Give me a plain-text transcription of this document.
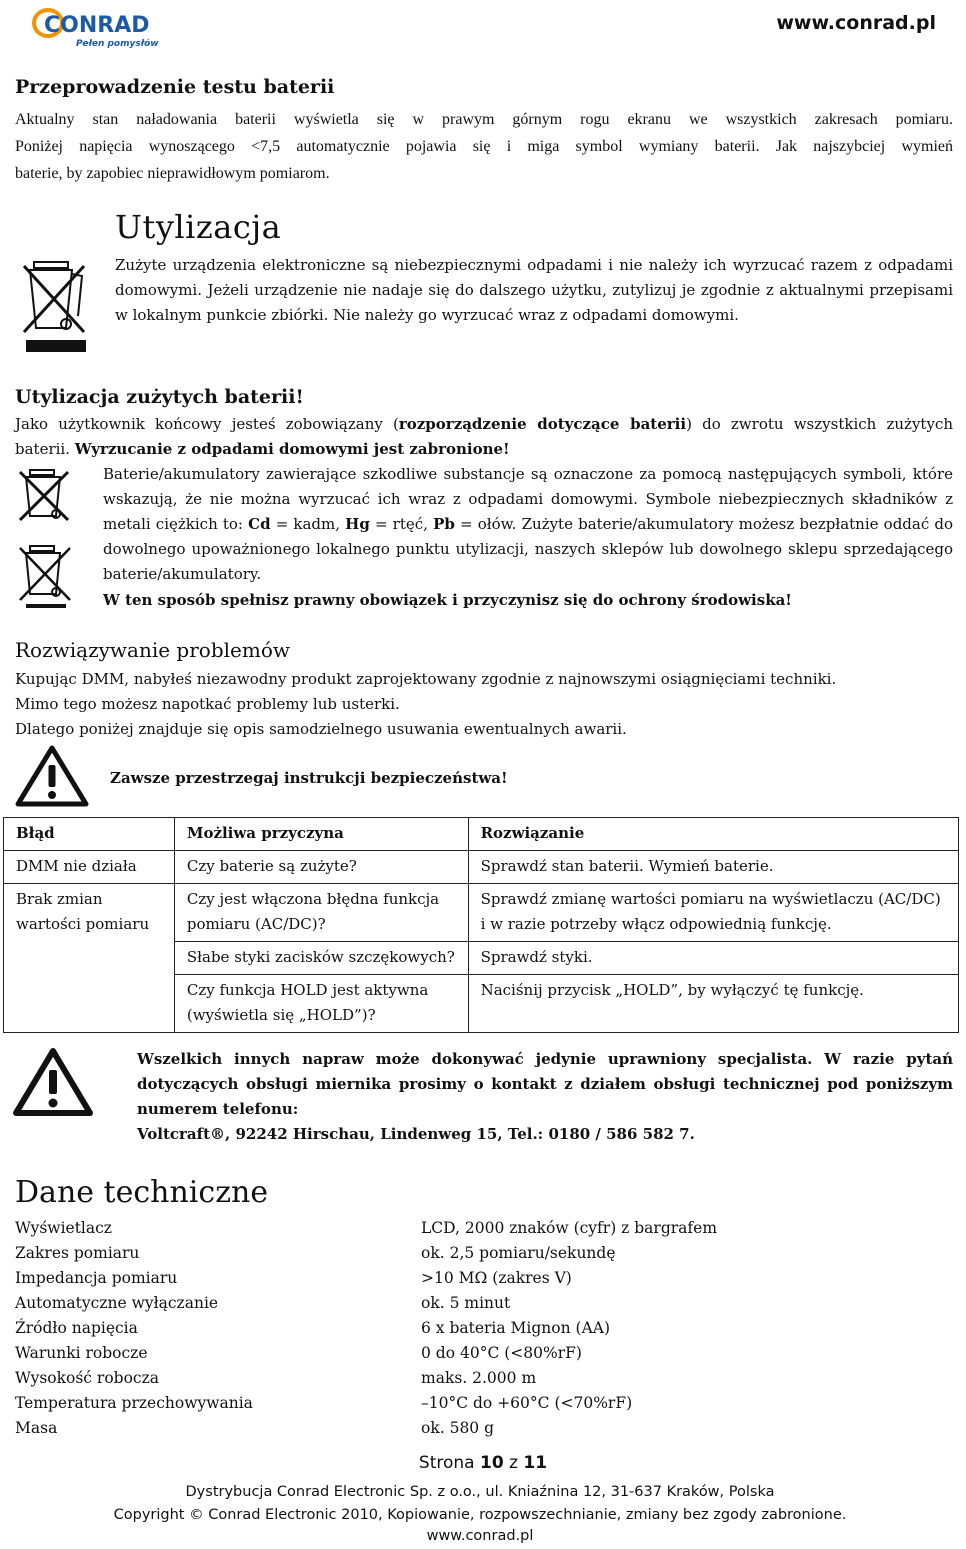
CONRAD
Pełen pomysłów
www.conrad.pl
Przeprowadzenie testu baterii
Aktualny stan naładowania baterii wyświetla się w prawym górnym rogu ekranu we wszystkich zakresach pomiaru.
Poniżej napięcia wynoszącego <7,5 automatycznie pojawia się i miga symbol wymiany baterii. Jak najszybciej wymień
baterie, by zapobiec nieprawidłowym pomiarom.
Utylizacja
Zużyte urządzenia elektroniczne są niebezpiecznymi odpadami i nie należy ich wyrzucać razem z odpadami domowymi. Jeżeli urządzenie nie nadaje się do dalszego użytku, zutylizuj je zgodnie z aktualnymi przepisami w lokalnym punkcie zbiórki. Nie należy go wyrzucać wraz z odpadami domowymi.
Utylizacja zużytych baterii!
Jako użytkownik końcowy jesteś zobowiązany (rozporządzenie dotyczące baterii) do zwrotu wszystkich zużytych baterii. Wyrzucanie z odpadami domowymi jest zabronione!
Baterie/akumulatory zawierające szkodliwe substancje są oznaczone za pomocą następujących symboli, które wskazują, że nie można wyrzucać ich wraz z odpadami domowymi. Symbole niebezpiecznych składników z metali ciężkich to: Cd = kadm, Hg = rtęć, Pb = ołów. Zużyte baterie/akumulatory możesz bezpłatnie oddać do dowolnego upoważnionego lokalnego punktu utylizacji, naszych sklepów lub dowolnego sklepu sprzedającego baterie/akumulatory.
W ten sposób spełnisz prawny obowiązek i przyczynisz się do ochrony środowiska!
Rozwiązywanie problemów
Kupując DMM, nabyłeś niezawodny produkt zaprojektowany zgodnie z najnowszymi osiągnięciami techniki.
Mimo tego możesz napotkać problemy lub usterki.
Dlatego poniżej znajduje się opis samodzielnego usuwania ewentualnych awarii.
Zawsze przestrzegaj instrukcji bezpieczeństwa!
Błąd	Możliwa przyczyna	Rozwiązanie
DMM nie działa	Czy baterie są zużyte?	Sprawdź stan baterii. Wymień baterie.
Brak zmian wartości pomiaru	Czy jest włączona błędna funkcja pomiaru (AC/DC)?	Sprawdź zmianę wartości pomiaru na wyświetlaczu (AC/DC) i w razie potrzeby włącz odpowiednią funkcję.
	Słabe styki zacisków szczękowych?	Sprawdź styki.
	Czy funkcja HOLD jest aktywna (wyświetla się „HOLD”)?	Naciśnij przycisk „HOLD”, by wyłączyć tę funkcję.
Wszelkich innych napraw może dokonywać jedynie uprawniony specjalista. W razie pytań dotyczących obsługi miernika prosimy o kontakt z działem obsługi technicznej pod poniższym numerem telefonu:
Voltcraft®, 92242 Hirschau, Lindenweg 15, Tel.: 0180 / 586 582 7.
Dane techniczne
Wyświetlacz	LCD, 2000 znaków (cyfr) z bargrafem
Zakres pomiaru	ok. 2,5 pomiaru/sekundę
Impedancja pomiaru	>10 MΩ (zakres V)
Automatyczne wyłączanie	ok. 5 minut
Źródło napięcia	6 x bateria Mignon (AA)
Warunki robocze	0 do 40°C (<80%rF)
Wysokość robocza	maks. 2.000 m
Temperatura przechowywania	–10°C do +60°C (<70%rF)
Masa	ok. 580 g
Strona 10 z 11
Dystrybucja Conrad Electronic Sp. z o.o., ul. Kniaźnina 12, 31-637 Kraków, Polska
Copyright © Conrad Electronic 2010, Kopiowanie, rozpowszechnianie, zmiany bez zgody zabronione.
www.conrad.pl
